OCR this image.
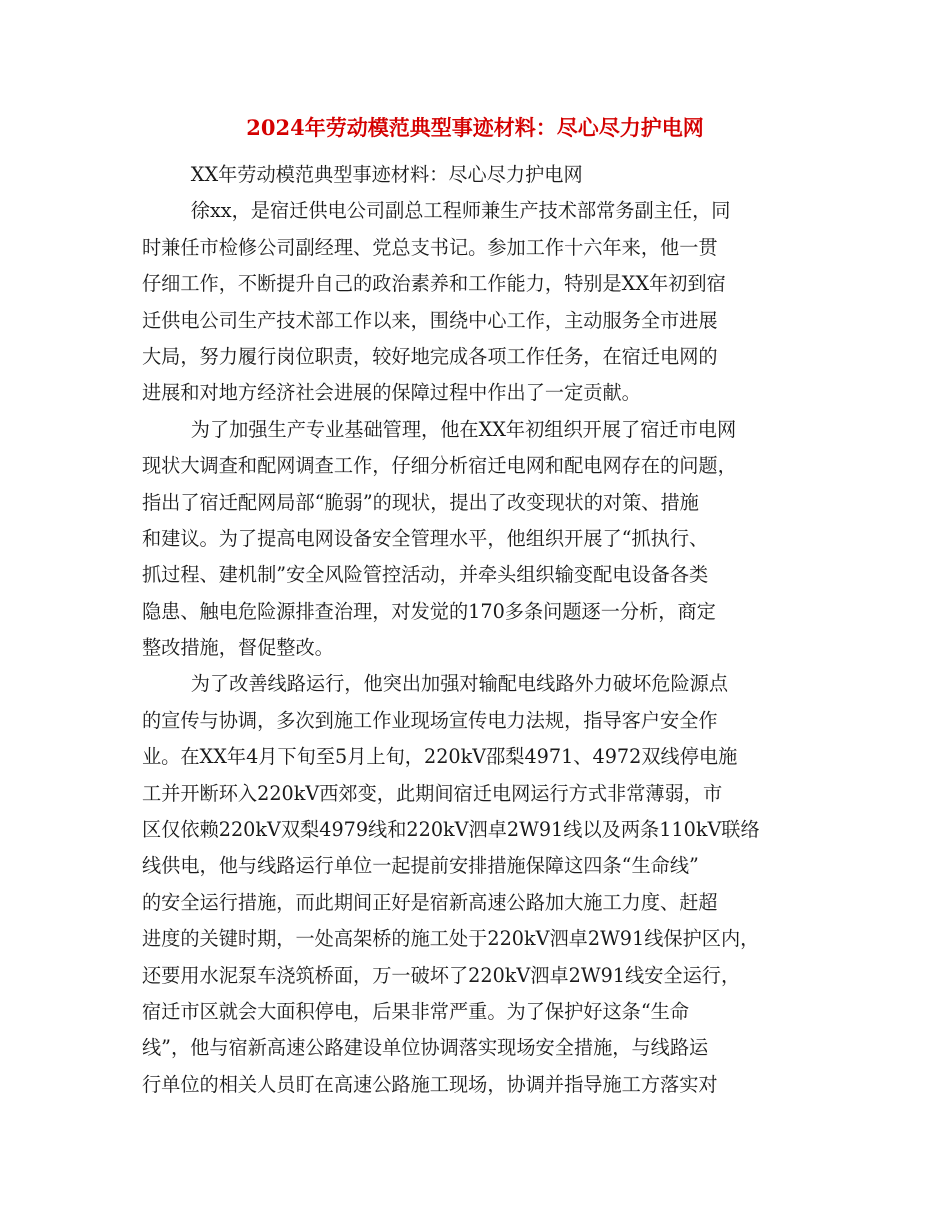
2024年劳动模范典型事迹材料：尽心尽力护电网
XX年劳动模范典型事迹材料：尽心尽力护电网
徐xx，是宿迁供电公司副总工程师兼生产技术部常务副主任，同
时兼任市检修公司副经理、党总支书记。参加工作十六年来，他一贯
仔细工作，不断提升自己的政治素养和工作能力，特别是XX年初到宿
迁供电公司生产技术部工作以来，围绕中心工作，主动服务全市进展
大局，努力履行岗位职责，较好地完成各项工作任务，在宿迁电网的
进展和对地方经济社会进展的保障过程中作出了一定贡献。
为了加强生产专业基础管理，他在XX年初组织开展了宿迁市电网
现状大调查和配网调查工作，仔细分析宿迁电网和配电网存在的问题，
指出了宿迁配网局部“脆弱”的现状，提出了改变现状的对策、措施
和建议。为了提高电网设备安全管理水平，他组织开展了“抓执行、
抓过程、建机制”安全风险管控活动，并牵头组织输变配电设备各类
隐患、触电危险源排查治理，对发觉的170多条问题逐一分析，商定
整改措施，督促整改。
为了改善线路运行，他突出加强对输配电线路外力破坏危险源点
的宣传与协调，多次到施工作业现场宣传电力法规，指导客户安全作
业。在XX年4月下旬至5月上旬，220kV邵梨4971、4972双线停电施
工并开断环入220kV西郊变，此期间宿迁电网运行方式非常薄弱，市
区仅依赖220kV双梨4979线和220kV泗卓2W91线以及两条110kV联络
线供电，他与线路运行单位一起提前安排措施保障这四条“生命线”
的安全运行措施，而此期间正好是宿新高速公路加大施工力度、赶超
进度的关键时期，一处高架桥的施工处于220kV泗卓2W91线保护区内，
还要用水泥泵车浇筑桥面，万一破坏了220kV泗卓2W91线安全运行，
宿迁市区就会大面积停电，后果非常严重。为了保护好这条“生命
线”，他与宿新高速公路建设单位协调落实现场安全措施，与线路运
行单位的相关人员盯在高速公路施工现场，协调并指导施工方落实对
